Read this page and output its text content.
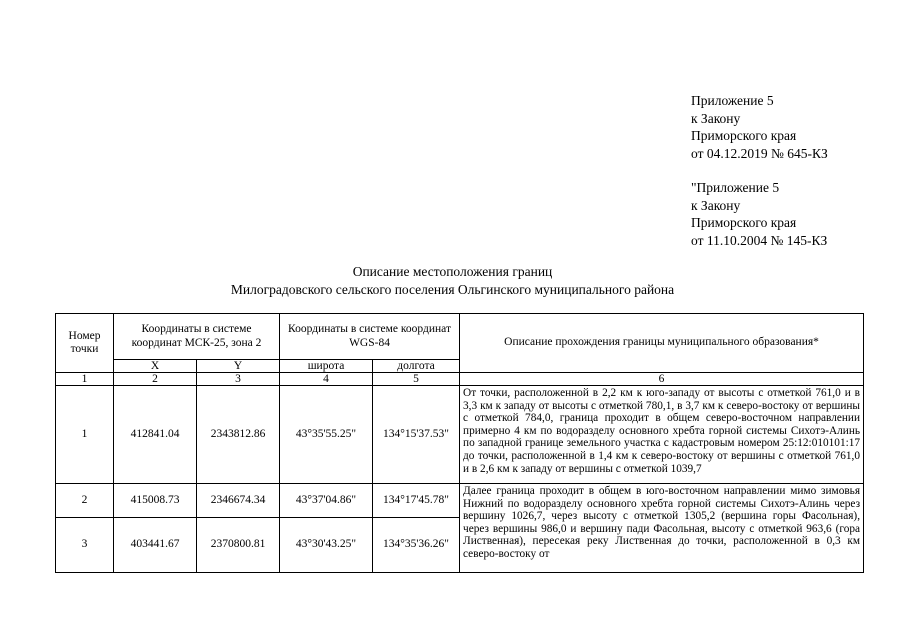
Приложение 5
к Закону
Приморского края
от 04.12.2019 № 645-КЗ
"Приложение 5
к Закону
Приморского края
от 11.10.2004 № 145-КЗ
Описание местоположения границ
Милоградовского сельского поселения Ольгинского муниципального района
Номер точки	Координаты в системе координат МСК-25, зона 2		Координаты в системе координат WGS-84		Описание прохождения границы муниципального образования*
	X	Y	широта	долгота	
1	2	3	4	5	6
1	412841.04	2343812.86	43°35'55.25"	134°15'37.53"	От точки, расположенной в 2,2 км к юго-западу от высоты с отметкой 761,0 и в 3,3 км к западу от высоты с отметкой 780,1, в 3,7 км к северо-востоку от вершины с отметкой 784,0, граница проходит в общем северо-восточном направлении примерно 4 км по водоразделу основного хребта горной системы Сихотэ-Алинь по западной границе земельного участка с кадастровым номером 25:12:010101:17 до точки, расположенной в 1,4 км к северо-востоку от вершины с отметкой 761,0 и в 2,6 км к западу от вершины с отметкой 1039,7
2	415008.73	2346674.34	43°37'04.86"	134°17'45.78"	Далее граница проходит в общем в юго-восточном направлении мимо зимовья Нижний по водоразделу основного хребта горной системы Сихотэ-Алинь через вершину 1026,7, через высоту с отметкой 1305,2 (вершина горы Фасольная), через вершины 986,0 и вершину пади Фасольная, высоту с отметкой 963,6 (гора Лиственная), пересекая реку Лиственная до точки, расположенной в 0,3 км северо-востоку от

3	403441.67	2370800.81	43°30'43.25"	134°35'36.26"	
